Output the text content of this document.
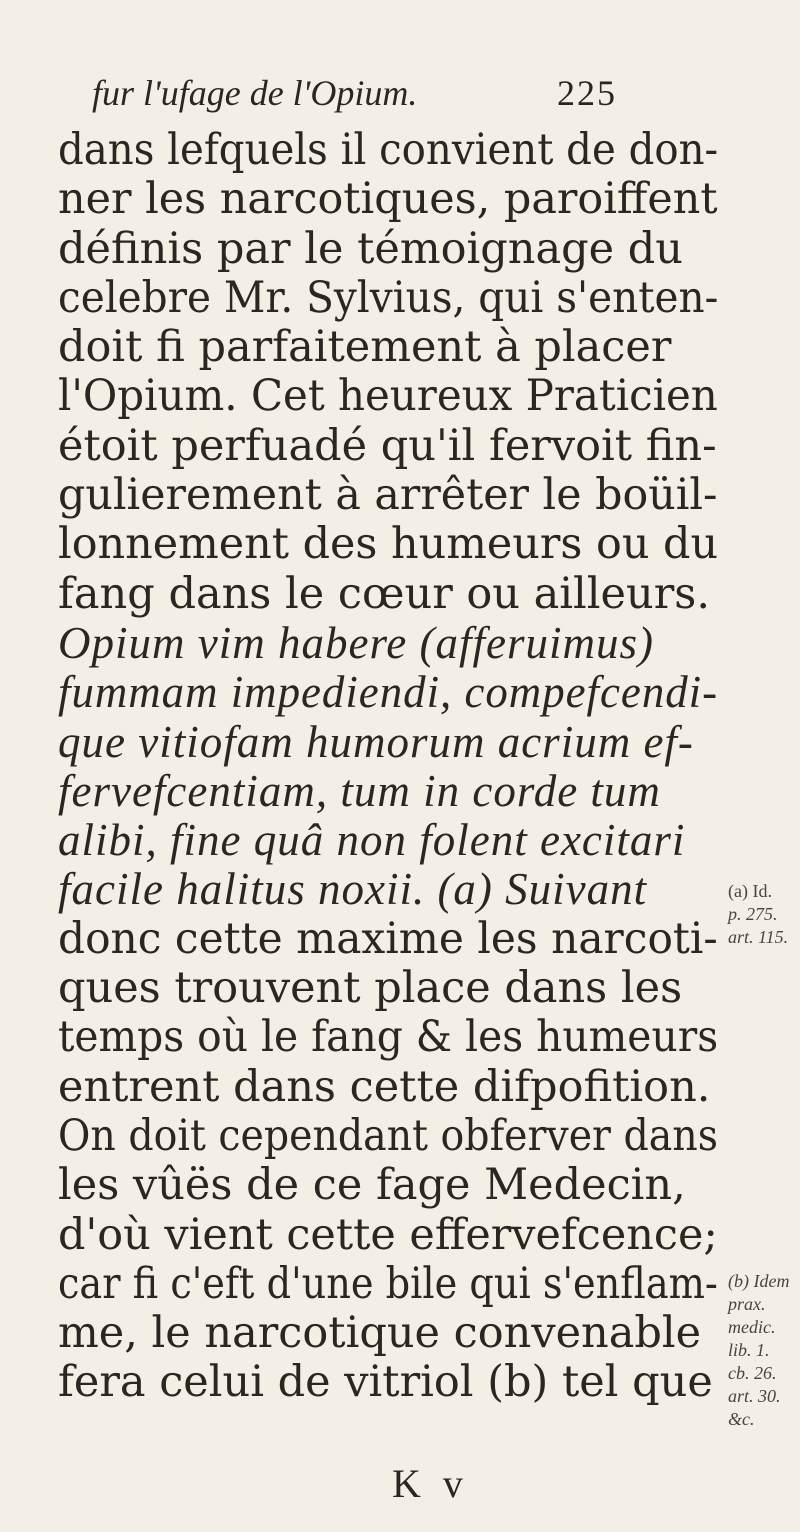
fur l'ufage de l'Opium.	225
dans lefquels il convient de don-
ner les narcotiques, paroiffent
définis par le témoignage du
celebre Mr. Sylvius, qui s'enten-
doit fi parfaitement à placer
l'Opium. Cet heureux Praticien
étoit perfuadé qu'il fervoit fin-
gulierement à arrêter le boüil-
lonnement des humeurs ou du
fang dans le cœur ou ailleurs.
Opium vim habere (afferuimus)
fummam impediendi, compefcendi-
que vitiofam humorum acrium ef-
fervefcentiam, tum in corde tum
alibi, fine quâ non folent excitari
facile halitus noxii. (a) Suivant
donc cette maxime les narcoti-
ques trouvent place dans les
temps où le fang & les humeurs
entrent dans cette difpofition.
On doit cependant obferver dans
les vûës de ce fage Medecin,
d'où vient cette effervefcence;
car fi c'eft d'une bile qui s'enflam-
me, le narcotique convenable
fera celui de vitriol (b) tel que
(a) Id.
p. 275.
art. 115.
(b) Idem
prax.
medic.
lib. 1.
cb. 26.
art. 30.
&c.
K v
